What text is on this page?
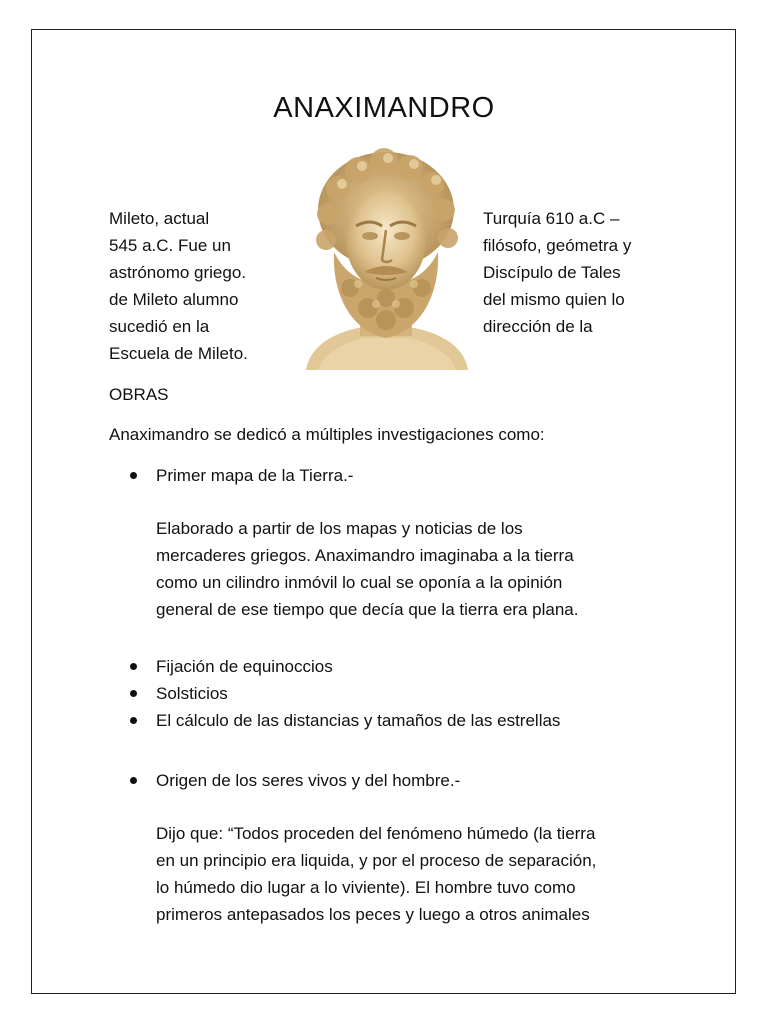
ANAXIMANDRO
Mileto, actual
545 a.C. Fue un
astrónomo griego.
de Mileto alumno
sucedió en la
Escuela de Mileto.
Turquía 610 a.C –
filósofo, geómetra y
Discípulo de Tales
del mismo quien lo
dirección de la
OBRAS
Anaximandro se dedicó a múltiples investigaciones como:
Primer mapa de la Tierra.-
Elaborado a partir de los mapas y noticias de los
mercaderes griegos. Anaximandro imaginaba a la tierra
como un cilindro inmóvil lo cual se oponía a la opinión
general de ese tiempo que decía que la tierra era plana.
Fijación de equinoccios
Solsticios
El cálculo de las distancias y tamaños de las estrellas
Origen de los seres vivos y del hombre.-
Dijo que: “Todos proceden del fenómeno húmedo (la tierra
en un principio era liquida, y por el proceso de separación,
lo húmedo dio lugar a lo viviente). El hombre tuvo como
primeros antepasados los peces y luego a otros animales
